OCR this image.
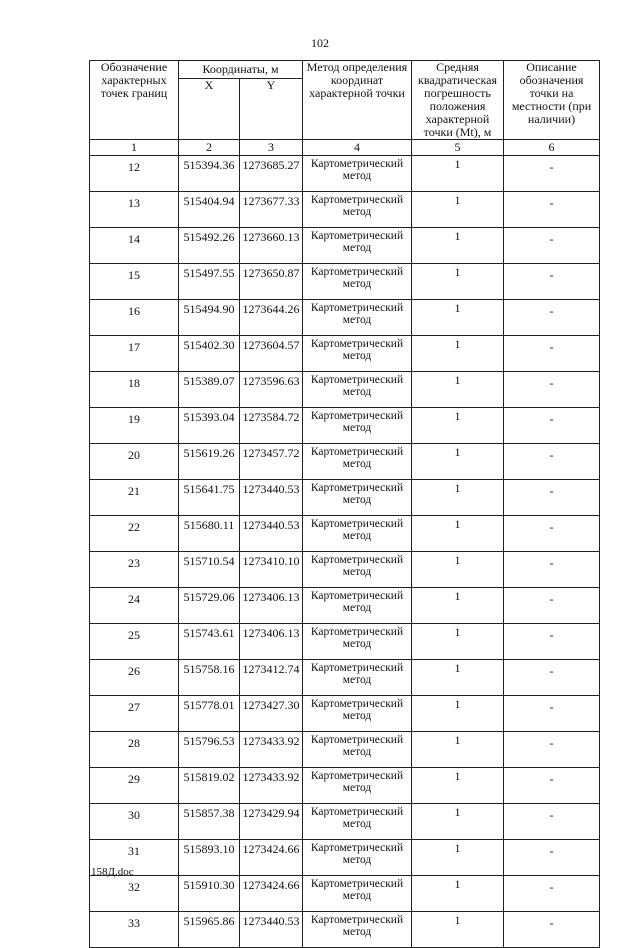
102
Обозначение характерных точек границ	Координаты, м		Метод определения координат характерной точки	Средняя квадратическая погрешность положения характерной точки (Mt), м	Описание обозначения точки на местности (при наличии)
	X	Y			
1	2	3	4	5	6
12	515394.36	1273685.27	Картометрический метод	1	-
13	515404.94	1273677.33	Картометрический метод	1	-
14	515492.26	1273660.13	Картометрический метод	1	-
15	515497.55	1273650.87	Картометрический метод	1	-
16	515494.90	1273644.26	Картометрический метод	1	-
17	515402.30	1273604.57	Картометрический метод	1	-
18	515389.07	1273596.63	Картометрический метод	1	-
19	515393.04	1273584.72	Картометрический метод	1	-
20	515619.26	1273457.72	Картометрический метод	1	-
21	515641.75	1273440.53	Картометрический метод	1	-
22	515680.11	1273440.53	Картометрический метод	1	-
23	515710.54	1273410.10	Картометрический метод	1	-
24	515729.06	1273406.13	Картометрический метод	1	-
25	515743.61	1273406.13	Картометрический метод	1	-
26	515758.16	1273412.74	Картометрический метод	1	-
27	515778.01	1273427.30	Картометрический метод	1	-
28	515796.53	1273433.92	Картометрический метод	1	-
29	515819.02	1273433.92	Картометрический метод	1	-
30	515857.38	1273429.94	Картометрический метод	1	-
31	515893.10	1273424.66	Картометрический метод	1	-
32	515910.30	1273424.66	Картометрический метод	1	-
33	515965.86	1273440.53	Картометрический метод	1	-
158Д.doc
